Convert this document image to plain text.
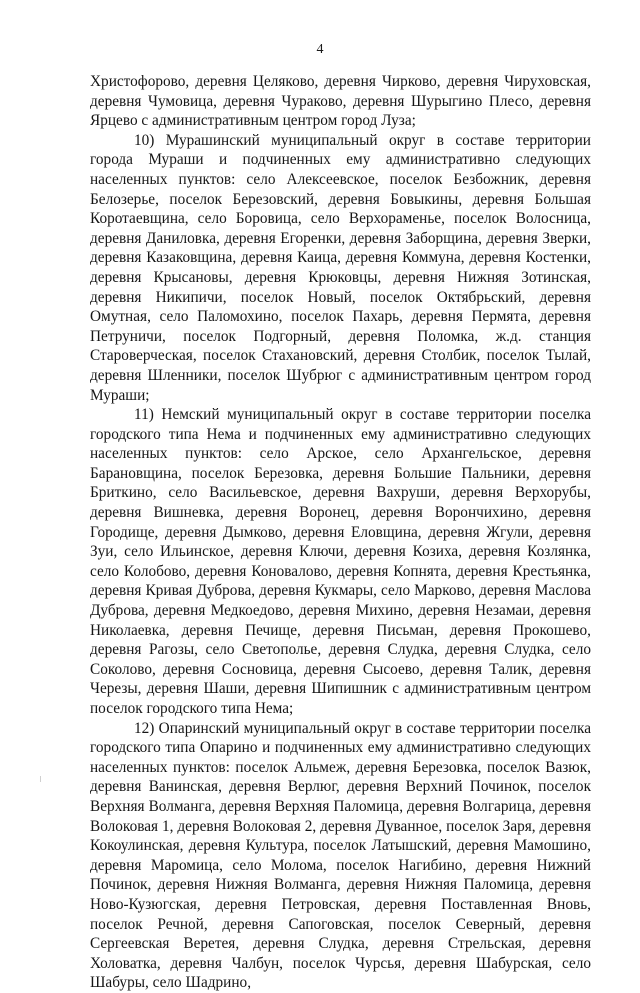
4

Христофорово, деревня Целяково, деревня Чирково, деревня Чируховская, деревня Чумовица, деревня Чураково, деревня Шурыгино Плесо, деревня Ярцево с административным центром город Луза;

10) Мурашинский муниципальный округ в составе территории города Мураши и подчиненных ему административно следующих населенных пунктов: село Алексеевское, поселок Безбожник, деревня Белозерье, поселок Березовский, деревня Бовыкины, деревня Большая Коротаевщина, село Боровица, село Верхораменье, поселок Волосница, деревня Даниловка, деревня Егоренки, деревня Заборщина, деревня Зверки, деревня Казаковщина, деревня Каица, деревня Коммуна, деревня Костенки, деревня Крысановы, деревня Крюковцы, деревня Нижняя Зотинская, деревня Никипичи, поселок Новый, поселок Октябрьский, деревня Омутная, село Паломохино, поселок Пахарь, деревня Пермята, деревня Петруничи, поселок Подгорный, деревня Поломка, ж.д. станция Староверческая, поселок Стахановский, деревня Столбик, поселок Тылай, деревня Шленники, поселок Шубрюг с административным центром город Мураши;

11) Немский муниципальный округ в составе территории поселка городского типа Нема и подчиненных ему административно следующих населенных пунктов: село Арское, село Архангельское, деревня Барановщина, поселок Березовка, деревня Большие Пальники, деревня Бриткино, село Васильевское, деревня Вахруши, деревня Верхорубы, деревня Вишневка, деревня Воронец, деревня Ворончихино, деревня Городище, деревня Дымково, деревня Еловщина, деревня Жгули, деревня Зуи, село Ильинское, деревня Ключи, деревня Козиха, деревня Козлянка, село Колобово, деревня Коновалово, деревня Копнята, деревня Крестьянка, деревня Кривая Дуброва, деревня Кукмары, село Марково, деревня Маслова Дуброва, деревня Медкоедово, деревня Михино, деревня Незамаи, деревня Николаевка, деревня Печище, деревня Письман, деревня Прокошево, деревня Рагозы, село Светополье, деревня Слудка, деревня Слудка, село Соколово, деревня Сосновица, деревня Сысоево, деревня Талик, деревня Черезы, деревня Шаши, деревня Шипишник с административным центром поселок городского типа Нема;

12) Опаринский муниципальный округ в составе территории поселка городского типа Опарино и подчиненных ему административно следующих населенных пунктов: поселок Альмеж, деревня Березовка, поселок Вазюк, деревня Ванинская, деревня Верлюг, деревня Верхний Починок, поселок Верхняя Волманга, деревня Верхняя Паломица, деревня Волгарица, деревня Волоковая 1, деревня Волоковая 2, деревня Дуванное, поселок Заря, деревня Кокоулинская, деревня Культура, поселок Латышский, деревня Мамошино, деревня Маромица, село Молома, поселок Нагибино, деревня Нижний Починок, деревня Нижняя Волманга, деревня Нижняя Паломица, деревня Ново-Кузюгская, деревня Петровская, деревня Поставленная Вновь, поселок Речной, деревня Сапоговская, поселок Северный, деревня Сергеевская Веретея, деревня Слудка, деревня Стрельская, деревня Холоватка, деревня Чалбун, поселок Чурсья, деревня Шабурская, село Шабуры, село Шадрино,
